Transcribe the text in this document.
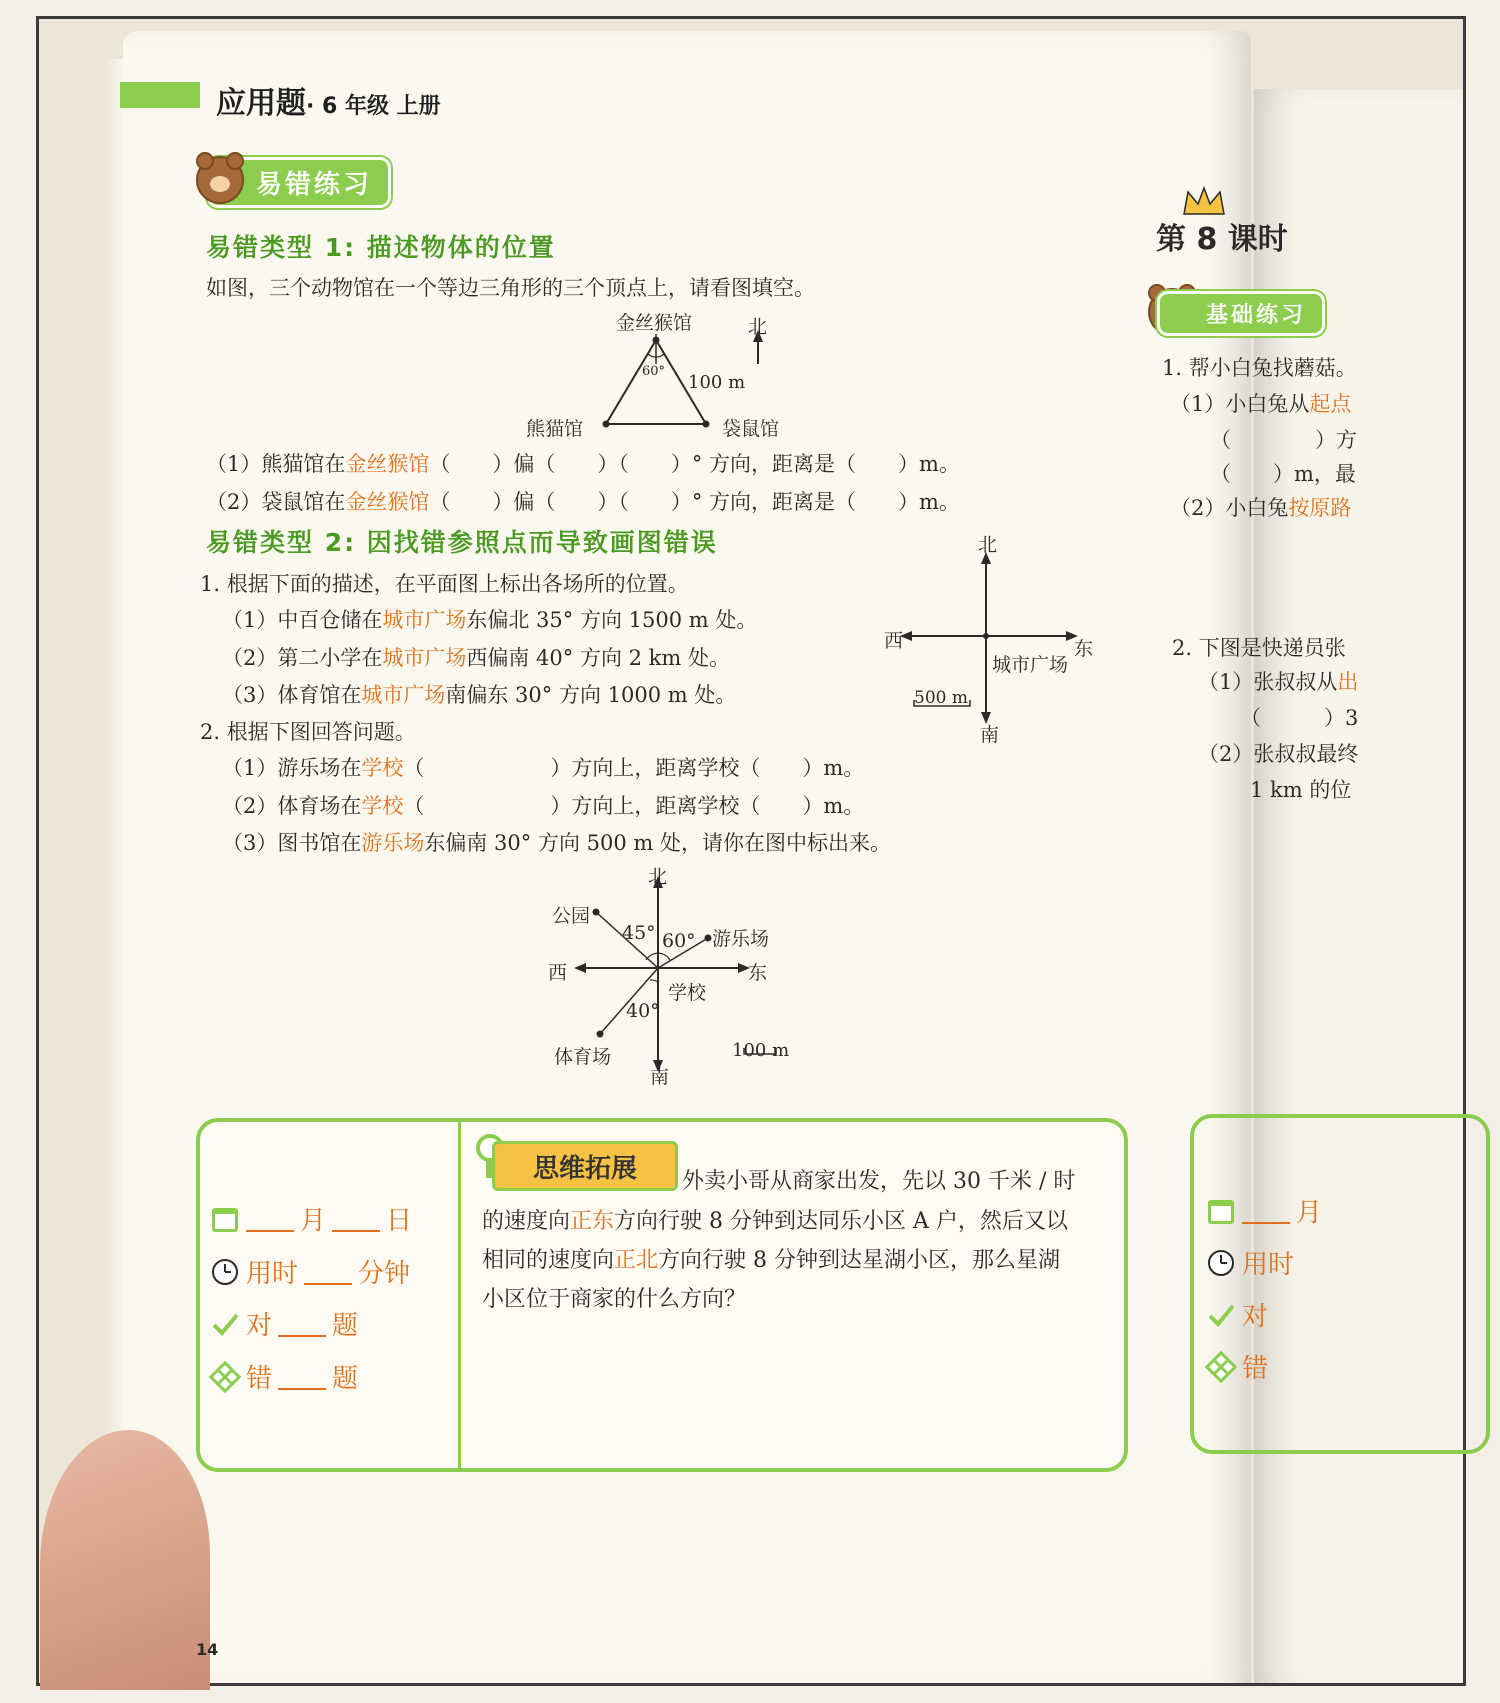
应用题· 6 年级 上册
易错练习
易错类型 1: 描述物体的位置
如图，三个动物馆在一个等边三角形的三个顶点上，请看图填空。
金丝猴馆	北
100 m
60°
熊猫馆	袋鼠馆
（1）熊猫馆在金丝猴馆（　　）偏（　　）（　　）° 方向，距离是（　　）m。
（2）袋鼠馆在金丝猴馆（　　）偏（　　）（　　）° 方向，距离是（　　）m。
易错类型 2: 因找错参照点而导致画图错误
1. 根据下面的描述，在平面图上标出各场所的位置。
（1）中百仓储在城市广场东偏北 35° 方向 1500 m 处。
（2）第二小学在城市广场西偏南 40° 方向 2 km 处。
（3）体育馆在城市广场南偏东 30° 方向 1000 m 处。
北
西	东
城市广场
500 m
南
2. 根据下图回答问题。
（1）游乐场在学校（　　　　　　）方向上，距离学校（　　）m。
（2）体育场在学校（　　　　　　）方向上，距离学校（　　）m。
（3）图书馆在游乐场东偏南 30° 方向 500 m 处，请你在图中标出来。
北
公园
45° 60° 游乐场
西	东
学校
40°
体育场	100 m
南
月 日
用时 分钟
对 题
错 题
思维拓展	外卖小哥从商家出发，先以 30 千米 / 时
的速度向正东方向行驶 8 分钟到达同乐小区 A 户，然后又以
相同的速度向正北方向行驶 8 分钟到达星湖小区，那么星湖
小区位于商家的什么方向？
第 8 课时
基础练习
1. 帮小白兔找蘑菇。
（1）小白兔从起点
（　　　　）方
（　　）m，最
（2）小白兔按原路
2. 下图是快递员张
（1）张叔叔从出
（　　　）3
（2）张叔叔最终
1 km 的位
月
用时
对
错
14
